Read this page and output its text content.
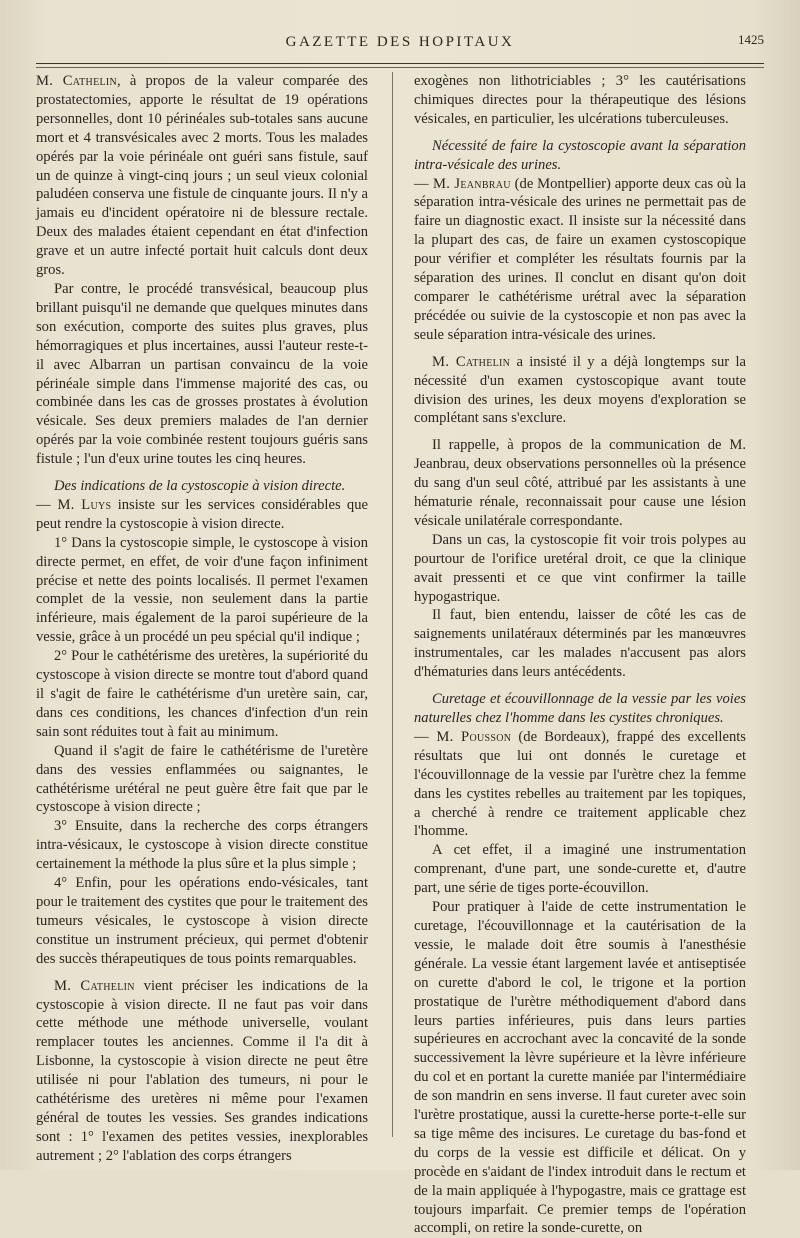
GAZETTE DES HOPITAUX	1425

M. Cathelin, à propos de la valeur comparée des prostatectomies, apporte le résultat de 19 opérations personnelles, dont 10 périnéales sub-totales sans aucune mort et 4 transvésicales avec 2 morts. Tous les malades opérés par la voie périnéale ont guéri sans fistule, sauf un de quinze à vingt-cinq jours ; un seul vieux colonial paludéen conserva une fistule de cinquante jours. Il n'y a jamais eu d'incident opératoire ni de blessure rectale. Deux des malades étaient cependant en état d'infection grave et un autre infecté portait huit calculs dont deux gros.

Par contre, le procédé transvésical, beaucoup plus brillant puisqu'il ne demande que quelques minutes dans son exécution, comporte des suites plus graves, plus hémorragiques et plus incertaines, aussi l'auteur reste-t-il avec Albarran un partisan convaincu de la voie périnéale simple dans l'immense majorité des cas, ou combinée dans les cas de grosses prostates à évolution vésicale. Ses deux premiers malades de l'an dernier opérés par la voie combinée restent toujours guéris sans fistule ; l'un d'eux urine toutes les cinq heures.

Des indications de la cystoscopie à vision directe.

— M. Luys insiste sur les services considérables que peut rendre la cystoscopie à vision directe.

1° Dans la cystoscopie simple, le cystoscope à vision directe permet, en effet, de voir d'une façon infiniment précise et nette des points localisés. Il permet l'examen complet de la vessie, non seulement dans la partie inférieure, mais également de la paroi supérieure de la vessie, grâce à un procédé un peu spécial qu'il indique ;

2° Pour le cathétérisme des uretères, la supériorité du cystoscope à vision directe se montre tout d'abord quand il s'agit de faire le cathétérisme d'un uretère sain, car, dans ces conditions, les chances d'infection d'un rein sain sont réduites tout à fait au minimum.

Quand il s'agit de faire le cathétérisme de l'uretère dans des vessies enflammées ou saignantes, le cathétérisme urétéral ne peut guère être fait que par le cystoscope à vision directe ;

3° Ensuite, dans la recherche des corps étrangers intra-vésicaux, le cystoscope à vision directe constitue certainement la méthode la plus sûre et la plus simple ;

4° Enfin, pour les opérations endo-vésicales, tant pour le traitement des cystites que pour le traitement des tumeurs vésicales, le cystoscope à vision directe constitue un instrument précieux, qui permet d'obtenir des succès thérapeutiques de tous points remarquables.

M. Cathelin vient préciser les indications de la cystoscopie à vision directe. Il ne faut pas voir dans cette méthode une méthode universelle, voulant remplacer toutes les anciennes. Comme il l'a dit à Lisbonne, la cystoscopie à vision directe ne peut être utilisée ni pour l'ablation des tumeurs, ni pour le cathétérisme des uretères ni même pour l'examen général de toutes les vessies. Ses grandes indications sont : 1° l'examen des petites vessies, inexplorables autrement ; 2° l'ablation des corps étrangers

exogènes non lithotriciables ; 3° les cautérisations chimiques directes pour la thérapeutique des lésions vésicales, en particulier, les ulcérations tuberculeuses.

Nécessité de faire la cystoscopie avant la séparation intra-vésicale des urines.

— M. Jeanbrau (de Montpellier) apporte deux cas où la séparation intra-vésicale des urines ne permettait pas de faire un diagnostic exact. Il insiste sur la nécessité dans la plupart des cas, de faire un examen cystoscopique pour vérifier et compléter les résultats fournis par la séparation des urines. Il conclut en disant qu'on doit comparer le cathétérisme urétral avec la séparation précédée ou suivie de la cystoscopie et non pas avec la seule séparation intra-vésicale des urines.

M. Cathelin a insisté il y a déjà longtemps sur la nécessité d'un examen cystoscopique avant toute division des urines, les deux moyens d'exploration se complétant sans s'exclure.

Il rappelle, à propos de la communication de M. Jeanbrau, deux observations personnelles où la présence du sang d'un seul côté, attribué par les assistants à une hématurie rénale, reconnaissait pour cause une lésion vésicale unilatérale correspondante.

Dans un cas, la cystoscopie fit voir trois polypes au pourtour de l'orifice uretéral droit, ce que la clinique avait pressenti et ce que vint confirmer la taille hypogastrique.

Il faut, bien entendu, laisser de côté les cas de saignements unilatéraux déterminés par les manœuvres instrumentales, car les malades n'accusent pas alors d'hématuries dans leurs antécédents.

Curetage et écouvillonnage de la vessie par les voies naturelles chez l'homme dans les cystites chroniques.

— M. Pousson (de Bordeaux), frappé des excellents résultats que lui ont donnés le curetage et l'écouvillonnage de la vessie par l'urètre chez la femme dans les cystites rebelles au traitement par les topiques, a cherché à rendre ce traitement applicable chez l'homme.

A cet effet, il a imaginé une instrumentation comprenant, d'une part, une sonde-curette et, d'autre part, une série de tiges porte-écouvillon.

Pour pratiquer à l'aide de cette instrumentation le curetage, l'écouvillonnage et la cautérisation de la vessie, le malade doit être soumis à l'anesthésie générale. La vessie étant largement lavée et antiseptisée on curette d'abord le col, le trigone et la portion prostatique de l'urètre méthodiquement d'abord dans leurs parties inférieures, puis dans leurs parties supérieures en accrochant avec la concavité de la sonde successivement la lèvre supérieure et la lèvre inférieure du col et en portant la curette maniée par l'intermédiaire de son mandrin en sens inverse. Il faut cureter avec soin l'urètre prostatique, aussi la curette-herse porte-t-elle sur sa tige même des incisures. Le curetage du bas-fond et du corps de la vessie est difficile et délicat. On y procède en s'aidant de l'index introduit dans le rectum et de la main appliquée à l'hypogastre, mais ce grattage est toujours imparfait. Ce premier temps de l'opération accompli, on retire la sonde-curette, on
